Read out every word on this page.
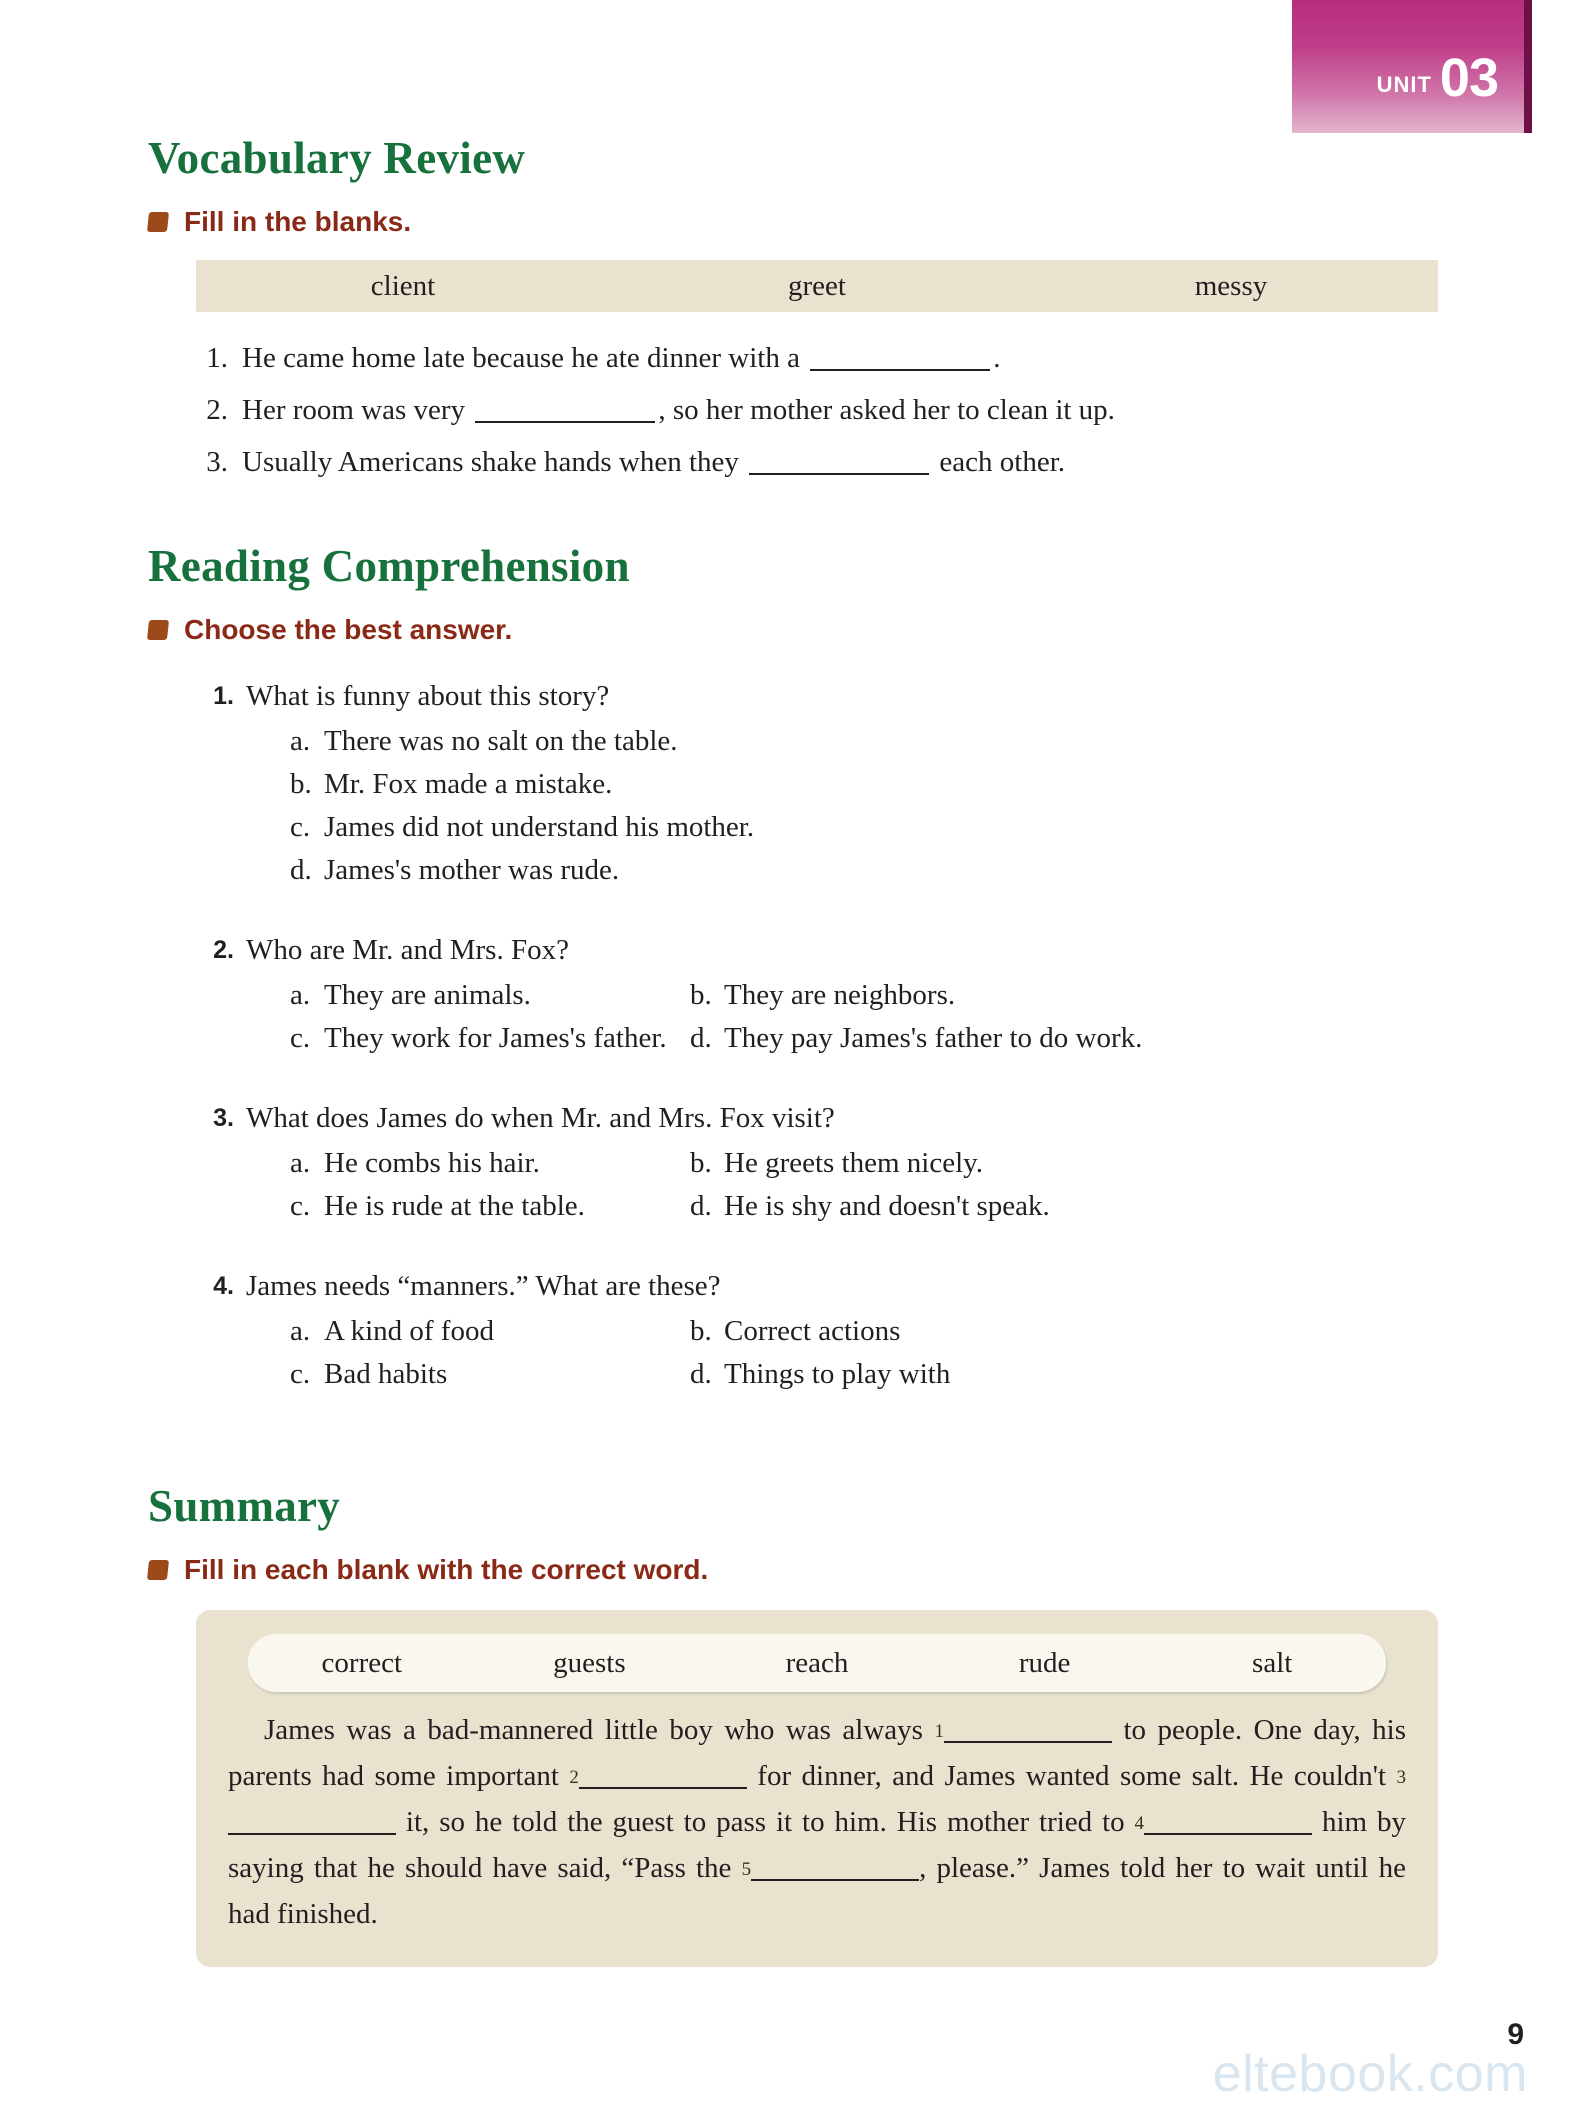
UNIT 03
Vocabulary Review
Fill in the blanks.
client	greet	messy
1. He came home late because he ate dinner with a	.
2. Her room was very	, so her mother asked her to clean it up.
3. Usually Americans shake hands when they	each other.
Reading Comprehension
Choose the best answer.
1. What is funny about this story?
a. There was no salt on the table.
b. Mr. Fox made a mistake.
c. James did not understand his mother.
d. James's mother was rude.
2. Who are Mr. and Mrs. Fox?
a. They are animals.	b. They are neighbors.
c. They work for James's father. d. They pay James's father to do work.
3. What does James do when Mr. and Mrs. Fox visit?
a. He combs his hair.	b. He greets them nicely.
c. He is rude at the table.	d. He is shy and doesn't speak.
4. James needs “manners.” What are these?
a. A kind of food	b. Correct actions
c. Bad habits	d. Things to play with
Summary
Fill in each blank with the correct word.
correct	guests	reach	rude	salt
James was a bad-mannered little boy who was always 1	to people. One day, his parents had some important 2	for dinner, and James wanted some salt. He couldn't 3 it, so he told the guest to pass it to him. His mother tried to 4	him by saying that he should have said, “Pass the 5	, please.” James told her to wait until he had finished.
9
eltebook.com
